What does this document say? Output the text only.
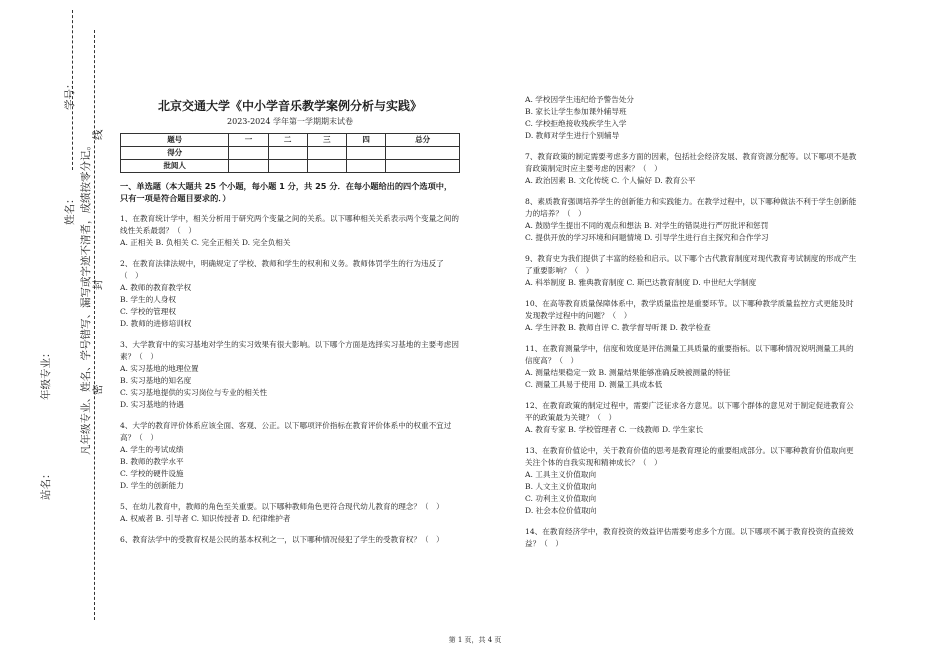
站名：
年级专业：
姓名：
学号：
凡年级专业、姓名、学号错写、漏写或字迹不清者，成绩按零分记。 密
封
线
北京交通大学《中小学音乐教学案例分析与实践》
2023-2024 学年第一学期期末试卷
题号	一	二	三	四	总分
得分					
批阅人					
一、单选题（本大题共 25 个小题，每小题 1 分，共 25 分．在每小题给出的四个选项中，只有一项是符合题目要求的．）
1、在教育统计学中，相关分析用于研究两个变量之间的关系。以下哪种相关关系表示两个变量之间的线性关系最弱？（　）
A. 正相关 B. 负相关 C. 完全正相关 D. 完全负相关
2、在教育法律法规中，明确规定了学校、教师和学生的权利和义务。教师体罚学生的行为违反了（　）
A. 教师的教育教学权
B. 学生的人身权
C. 学校的管理权
D. 教师的进修培训权
3、大学教育中的实习基地对学生的实习效果有很大影响。以下哪个方面是选择实习基地的主要考虑因素？（　）
A. 实习基地的地理位置
B. 实习基地的知名度
C. 实习基地提供的实习岗位与专业的相关性
D. 实习基地的待遇
4、大学的教育评价体系应该全面、客观、公正。以下哪项评价指标在教育评价体系中的权重不宜过高？（　）
A. 学生的考试成绩
B. 教师的教学水平
C. 学校的硬件设施
D. 学生的创新能力
5、在幼儿教育中，教师的角色至关重要。以下哪种教师角色更符合现代幼儿教育的理念？（　）
A. 权威者 B. 引导者 C. 知识传授者 D. 纪律维护者
6、教育法学中的受教育权是公民的基本权利之一，以下哪种情况侵犯了学生的受教育权？（　）
A. 学校因学生违纪给予警告处分
B. 家长让学生参加课外辅导班
C. 学校拒绝接收残疾学生入学
D. 教师对学生进行个别辅导
7、教育政策的制定需要考虑多方面的因素，包括社会经济发展、教育资源分配等。以下哪项不是教育政策制定时应主要考虑的因素？（　）
A. 政治因素 B. 文化传统 C. 个人偏好 D. 教育公平
8、素质教育强调培养学生的创新能力和实践能力。在教学过程中，以下哪种做法不利于学生创新能力的培养？（　）
A. 鼓励学生提出不同的观点和想法 B. 对学生的错误进行严厉批评和惩罚
C. 提供开放的学习环境和问题情境 D. 引导学生进行自主探究和合作学习
9、教育史为我们提供了丰富的经验和启示。以下哪个古代教育制度对现代教育考试制度的形成产生了重要影响？（　）
A. 科举制度 B. 雅典教育制度 C. 斯巴达教育制度 D. 中世纪大学制度
10、在高等教育质量保障体系中，教学质量监控是重要环节。以下哪种教学质量监控方式更能及时发现教学过程中的问题？（　）
A. 学生评教 B. 教师自评 C. 教学督导听课 D. 教学检查
11、在教育测量学中，信度和效度是评估测量工具质量的重要指标。以下哪种情况说明测量工具的信度高？（　）
A. 测量结果稳定一致 B. 测量结果能够准确反映被测量的特征
C. 测量工具易于使用 D. 测量工具成本低
12、在教育政策的制定过程中，需要广泛征求各方意见。以下哪个群体的意见对于制定促进教育公平的政策最为关键？（　）
A. 教育专家 B. 学校管理者 C. 一线教师 D. 学生家长
13、在教育价值论中，关于教育价值的思考是教育理论的重要组成部分。以下哪种教育价值取向更关注个体的自我实现和精神成长？（　）
A. 工具主义价值取向
B. 人文主义价值取向
C. 功利主义价值取向
D. 社会本位价值取向
14、在教育经济学中，教育投资的效益评估需要考虑多个方面。以下哪项不属于教育投资的直接效益？（　）
第 1 页，共 4 页
